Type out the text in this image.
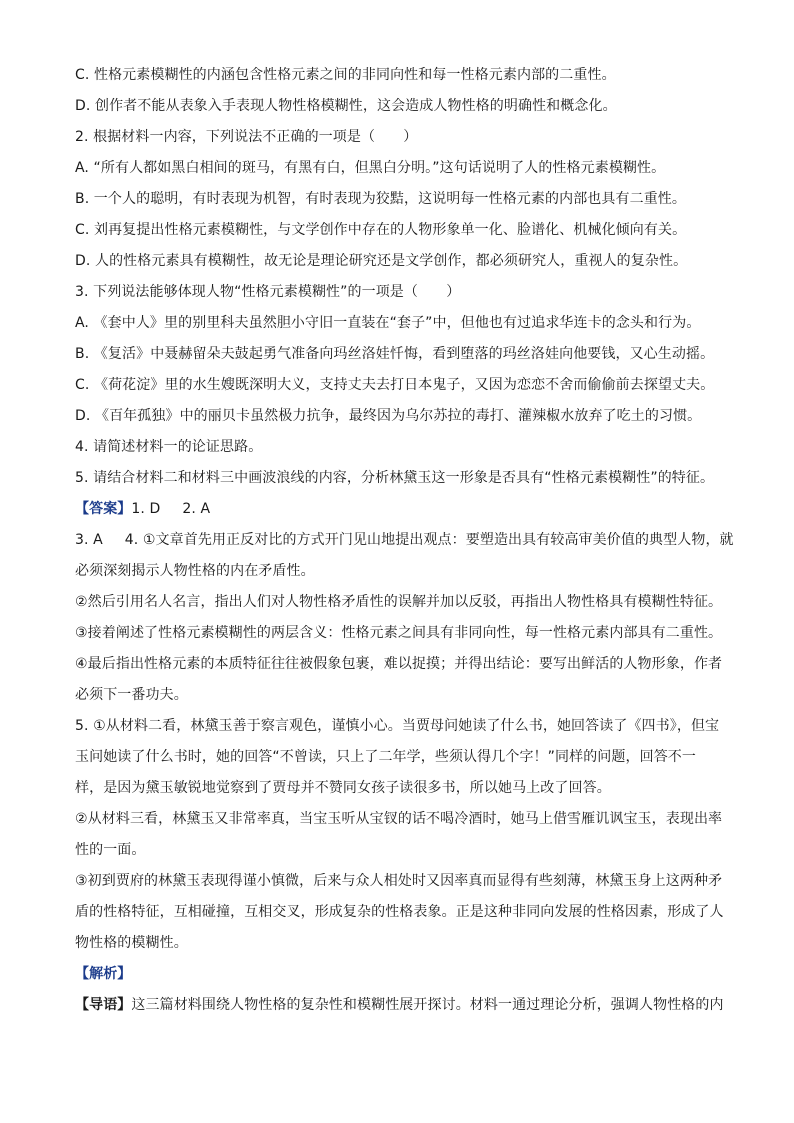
C. 性格元素模糊性的内涵包含性格元素之间的非同向性和每一性格元素内部的二重性。
D. 创作者不能从表象入手表现人物性格模糊性，这会造成人物性格的明确性和概念化。
2. 根据材料一内容，下列说法不正确的一项是（　　）
A. “所有人都如黑白相间的斑马，有黑有白，但黑白分明。”这句话说明了人的性格元素模糊性。
B. 一个人的聪明，有时表现为机智，有时表现为狡黠，这说明每一性格元素的内部也具有二重性。
C. 刘再复提出性格元素模糊性，与文学创作中存在的人物形象单一化、脸谱化、机械化倾向有关。
D. 人的性格元素具有模糊性，故无论是理论研究还是文学创作，都必须研究人，重视人的复杂性。
3. 下列说法能够体现人物“性格元素模糊性”的一项是（　　）
A. 《套中人》里的别里科夫虽然胆小守旧一直装在“套子”中，但他也有过追求华连卡的念头和行为。
B. 《复活》中聂赫留朵夫鼓起勇气准备向玛丝洛娃忏悔，看到堕落的玛丝洛娃向他要钱，又心生动摇。
C. 《荷花淀》里的水生嫂既深明大义，支持丈夫去打日本鬼子，又因为恋恋不舍而偷偷前去探望丈夫。
D. 《百年孤独》中的丽贝卡虽然极力抗争，最终因为乌尔苏拉的毒打、灌辣椒水放弃了吃土的习惯。
4. 请简述材料一的论证思路。
5. 请结合材料二和材料三中画波浪线的内容，分析林黛玉这一形象是否具有“性格元素模糊性”的特征。
【答案】1. D 2. A
3. A 4. ①文章首先用正反对比的方式开门见山地提出观点：要塑造出具有较高审美价值的典型人物，就
必须深刻揭示人物性格的内在矛盾性。
②然后引用名人名言，指出人们对人物性格矛盾性的误解并加以反驳，再指出人物性格具有模糊性特征。
③接着阐述了性格元素模糊性的两层含义：性格元素之间具有非同向性，每一性格元素内部具有二重性。
④最后指出性格元素的本质特征往往被假象包裹，难以捉摸；并得出结论：要写出鲜活的人物形象，作者
必须下一番功夫。
5. ①从材料二看，林黛玉善于察言观色，谨慎小心。当贾母问她读了什么书，她回答读了《四书》，但宝
玉问她读了什么书时，她的回答“不曾读，只上了二年学，些须认得几个字！”同样的问题，回答不一
样，是因为黛玉敏锐地觉察到了贾母并不赞同女孩子读很多书，所以她马上改了回答。
②从材料三看，林黛玉又非常率真，当宝玉听从宝钗的话不喝冷酒时，她马上借雪雁讥讽宝玉，表现出率
性的一面。
③初到贾府的林黛玉表现得谨小慎微，后来与众人相处时又因率真而显得有些刻薄，林黛玉身上这两种矛
盾的性格特征，互相碰撞，互相交叉，形成复杂的性格表象。正是这种非同向发展的性格因素，形成了人
物性格的模糊性。
【解析】
【导语】这三篇材料围绕人物性格的复杂性和模糊性展开探讨。材料一通过理论分析，强调人物性格的内
